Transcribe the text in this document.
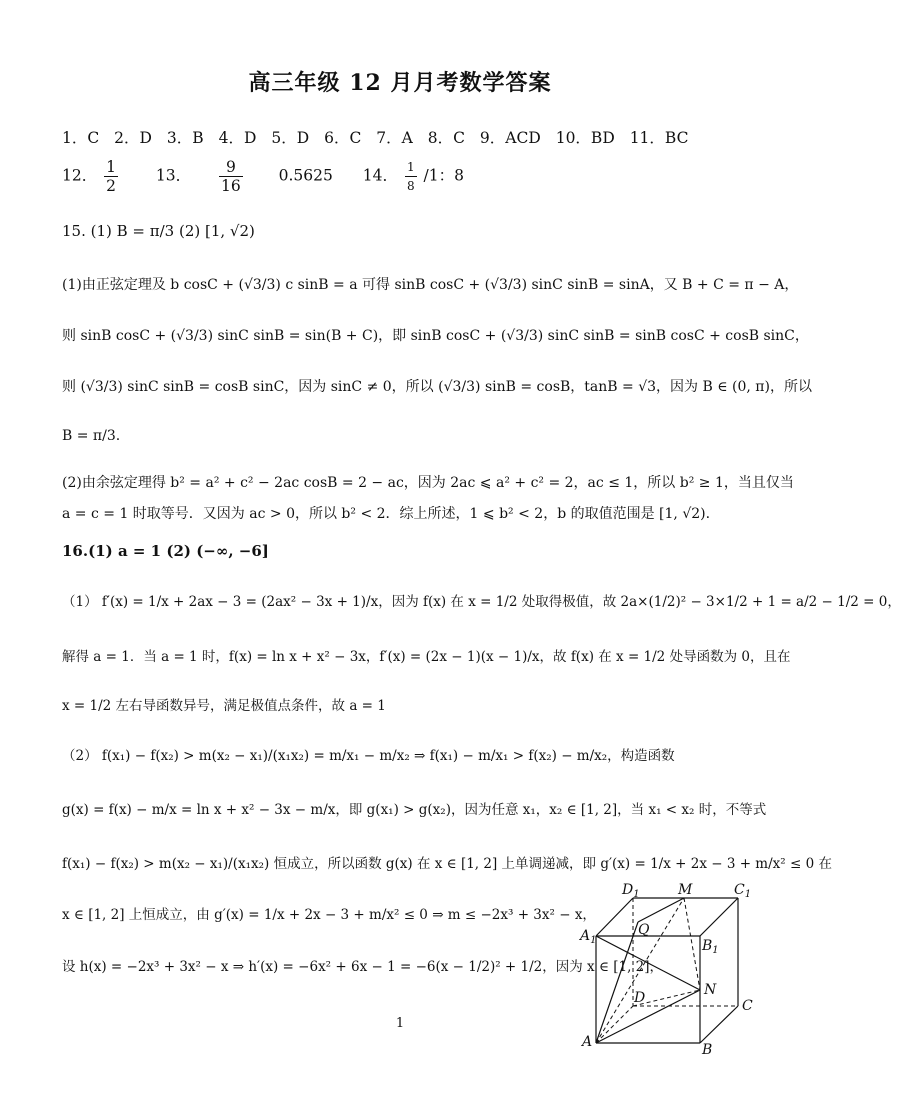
高三年级 12 月月考数学答案
1．C 2．D 3．B 4．D 5．D 6．C 7．A 8．C 9．ACD 10．BD 11．BC
12． $\frac{1}{2} 13$． $\frac{9}{16} 0.5625$ 14． $\frac{1}{8} /1$：8
15. (1) B = π/3 (2) [1, √2)
(1)由正弦定理及 b cosC + (√3/3) c sinB = a 可得 sinB cosC + (√3/3) sinC sinB = sinA，又 B + C = π − A，
则 sinB cosC + (√3/3) sinC sinB = sin(B + C)，即 sinB cosC + (√3/3) sinC sinB = sinB cosC + cosB sinC，
则 (√3/3) sinC sinB = cosB sinC，因为 sinC ≠ 0，所以 (√3/3) sinB = cosB，tanB = √3，因为 B ∈ (0, π)，所以
B = π/3.
(2)由余弦定理得 b² = a² + c² − 2ac cosB = 2 − ac，因为 2ac ⩽ a² + c² = 2，ac ≤ 1，所以 b² ≥ 1，当且仅当
a = c = 1 时取等号．又因为 ac > 0，所以 b² < 2．综上所述，1 ⩽ b² < 2，b 的取值范围是 [1, √2).
16.(1) a = 1 (2) (−∞, −6]
（1） f′(x) = 1/x + 2ax − 3 = (2ax² − 3x + 1)/x，因为 f(x) 在 x = 1/2 处取得极值，故 2a×(1/2)² − 3×1/2 + 1 = a/2 − 1/2 = 0，
解得 a = 1．当 a = 1 时，f(x) = ln x + x² − 3x，f′(x) = (2x − 1)(x − 1)/x，故 f(x) 在 x = 1/2 处导函数为 0，且在
x = 1/2 左右导函数异号，满足极值点条件，故 a = 1
（2） f(x₁) − f(x₂) > m(x₂ − x₁)/(x₁x₂) = m/x₁ − m/x₂ ⇒ f(x₁) − m/x₁ > f(x₂) − m/x₂，构造函数
g(x) = f(x) − m/x = ln x + x² − 3x − m/x，即 g(x₁) > g(x₂)，因为任意 x₁，x₂ ∈ [1, 2]，当 x₁ < x₂ 时，不等式
f(x₁) − f(x₂) > m(x₂ − x₁)/(x₁x₂) 恒成立，所以函数 g(x) 在 x ∈ [1, 2] 上单调递减，即 g′(x) = 1/x + 2x − 3 + m/x² ≤ 0 在
x ∈ [1, 2] 上恒成立，由 g′(x) = 1/x + 2x − 3 + m/x² ≤ 0 ⇒ m ≤ −2x³ + 3x² − x，
设 h(x) = −2x³ + 3x² − x ⇒ h′(x) = −6x² + 6x − 1 = −6(x − 1/2)² + 1/2，因为 x ∈ [1, 2]，
1
$D_1$	M	$C_1$
$A_1$
Q
$B_1$
D	N
C
A	B
